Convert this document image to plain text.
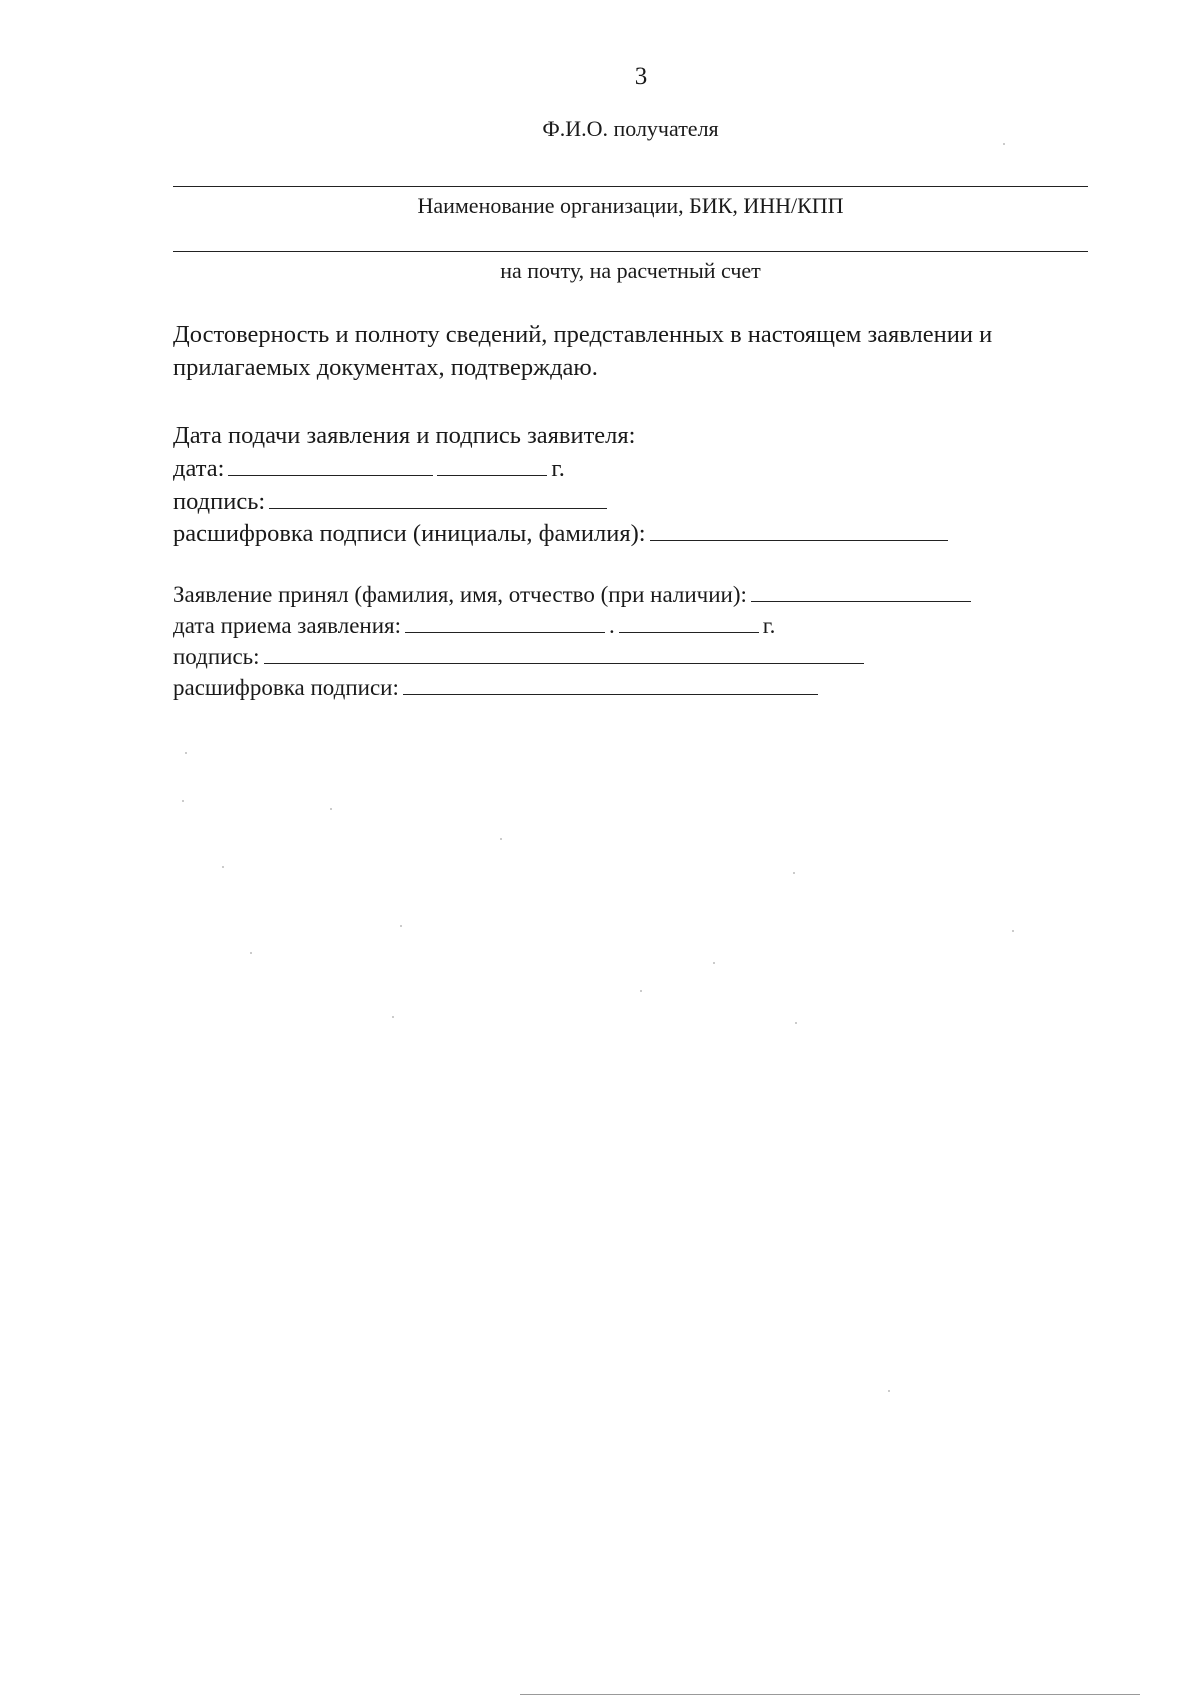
3
Ф.И.О. получателя
Наименование организации, БИК, ИНН/КПП
на почту, на расчетный счет
Достоверность и полноту сведений, представленных в настоящем заявлении и прилагаемых документах, подтверждаю.
Дата подачи заявления и подпись заявителя:
дата:	г.
подпись:
расшифровка подписи (инициалы, фамилия):
Заявление принял (фамилия, имя, отчество (при наличии):
дата приема заявления:	.	г.
подпись:
расшифровка подписи:
